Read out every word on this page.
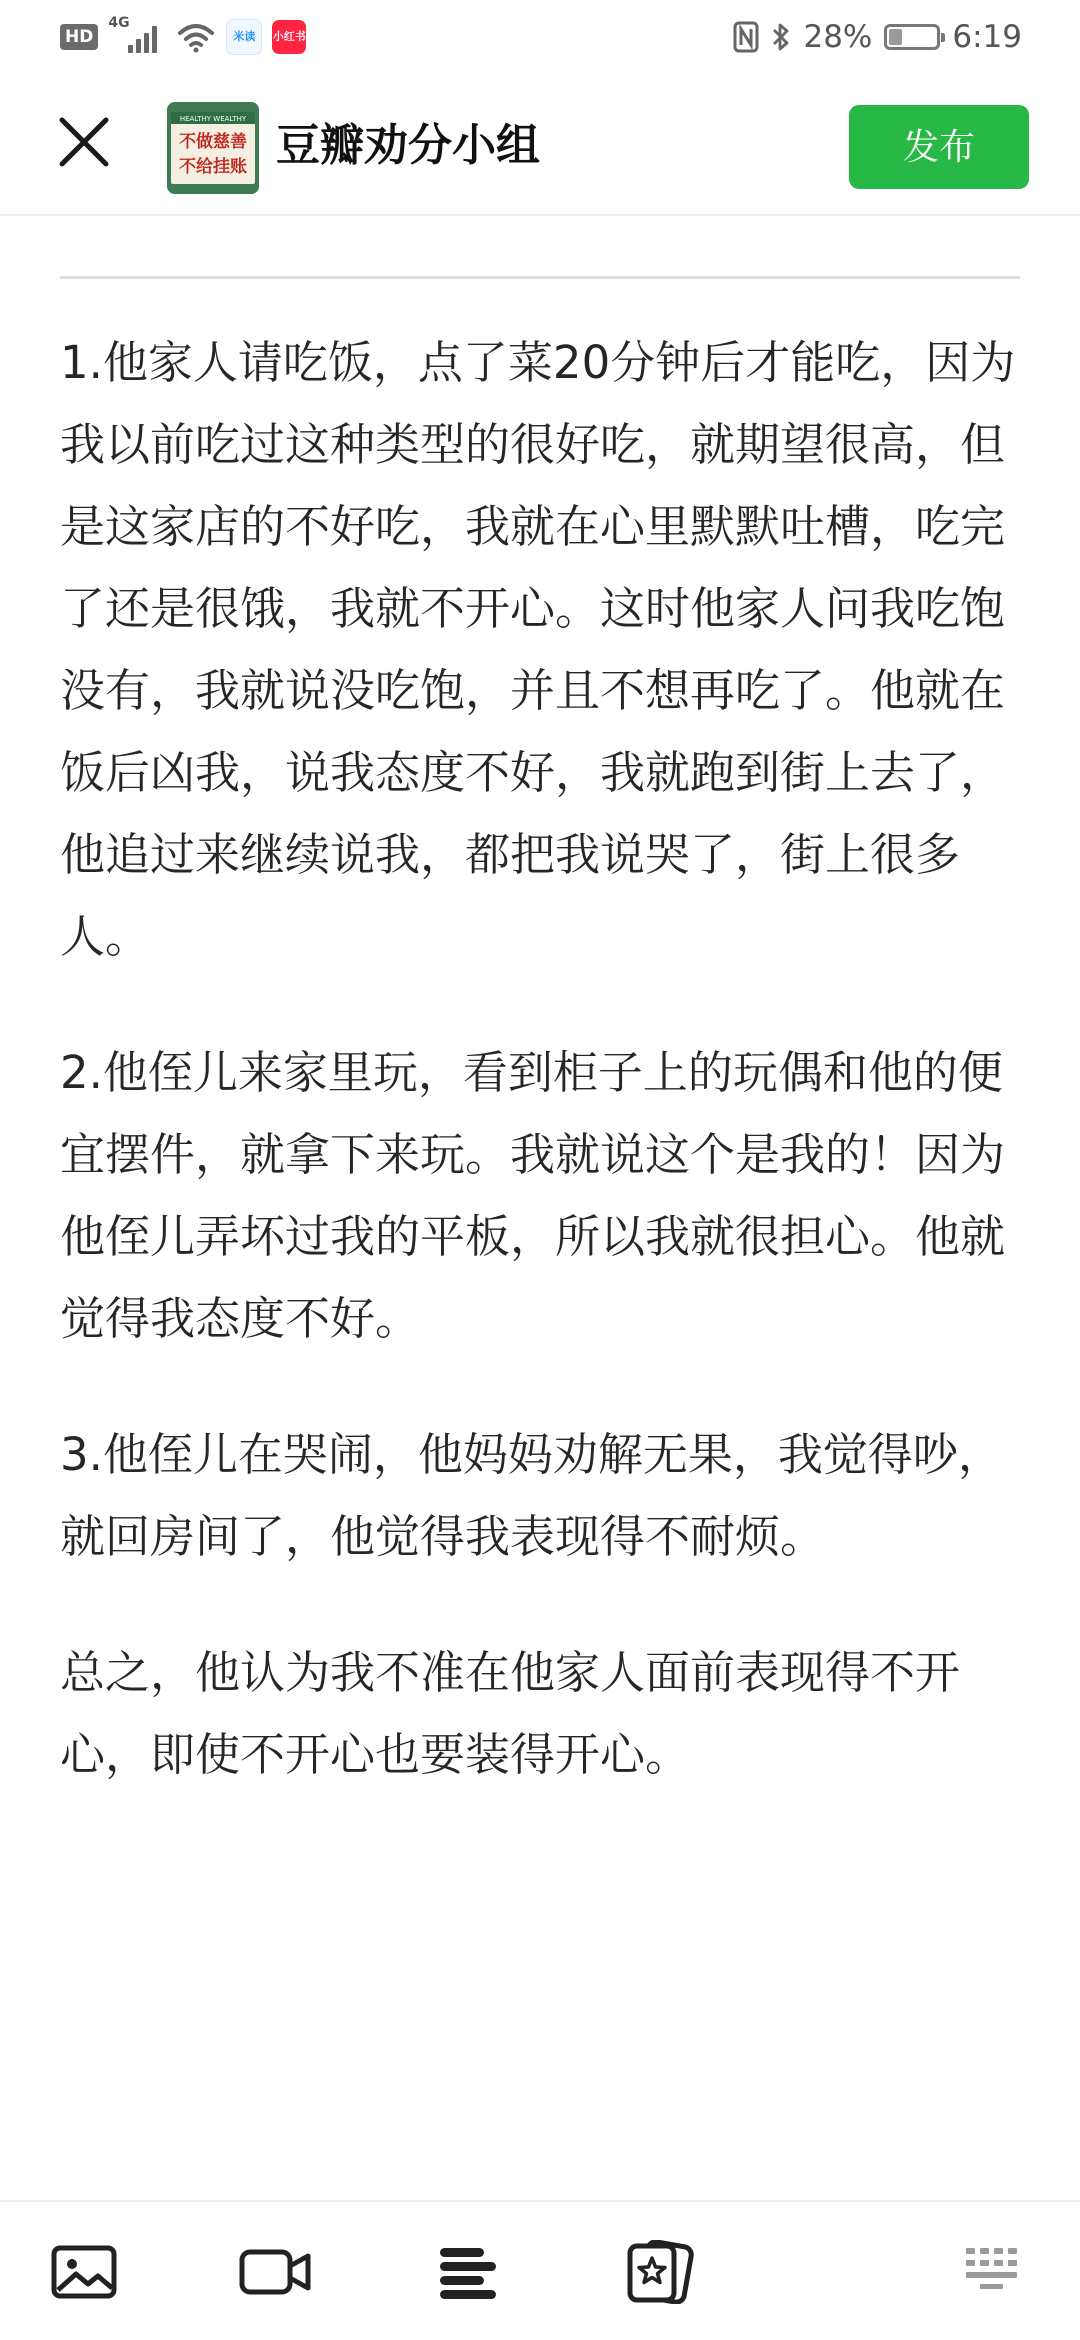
HD
4G
米读	小红书	28%	6:19
HEALTHY WEALTHY
不做慈善
不给挂账 豆瓣劝分小组	发布

1.他家人请吃饭，点了菜20分钟后才能吃，因为我以前吃过这种类型的很好吃，就期望很高，但是这家店的不好吃，我就在心里默默吐槽，吃完了还是很饿，我就不开心。这时他家人问我吃饱没有，我就说没吃饱，并且不想再吃了。他就在饭后凶我，说我态度不好，我就跑到街上去了，他追过来继续说我，都把我说哭了，街上很多人。

2.他侄儿来家里玩，看到柜子上的玩偶和他的便宜摆件，就拿下来玩。我就说这个是我的！因为他侄儿弄坏过我的平板，所以我就很担心。他就觉得我态度不好。

3.他侄儿在哭闹，他妈妈劝解无果，我觉得吵，就回房间了，他觉得我表现得不耐烦。

总之，他认为我不准在他家人面前表现得不开心，即使不开心也要装得开心。
